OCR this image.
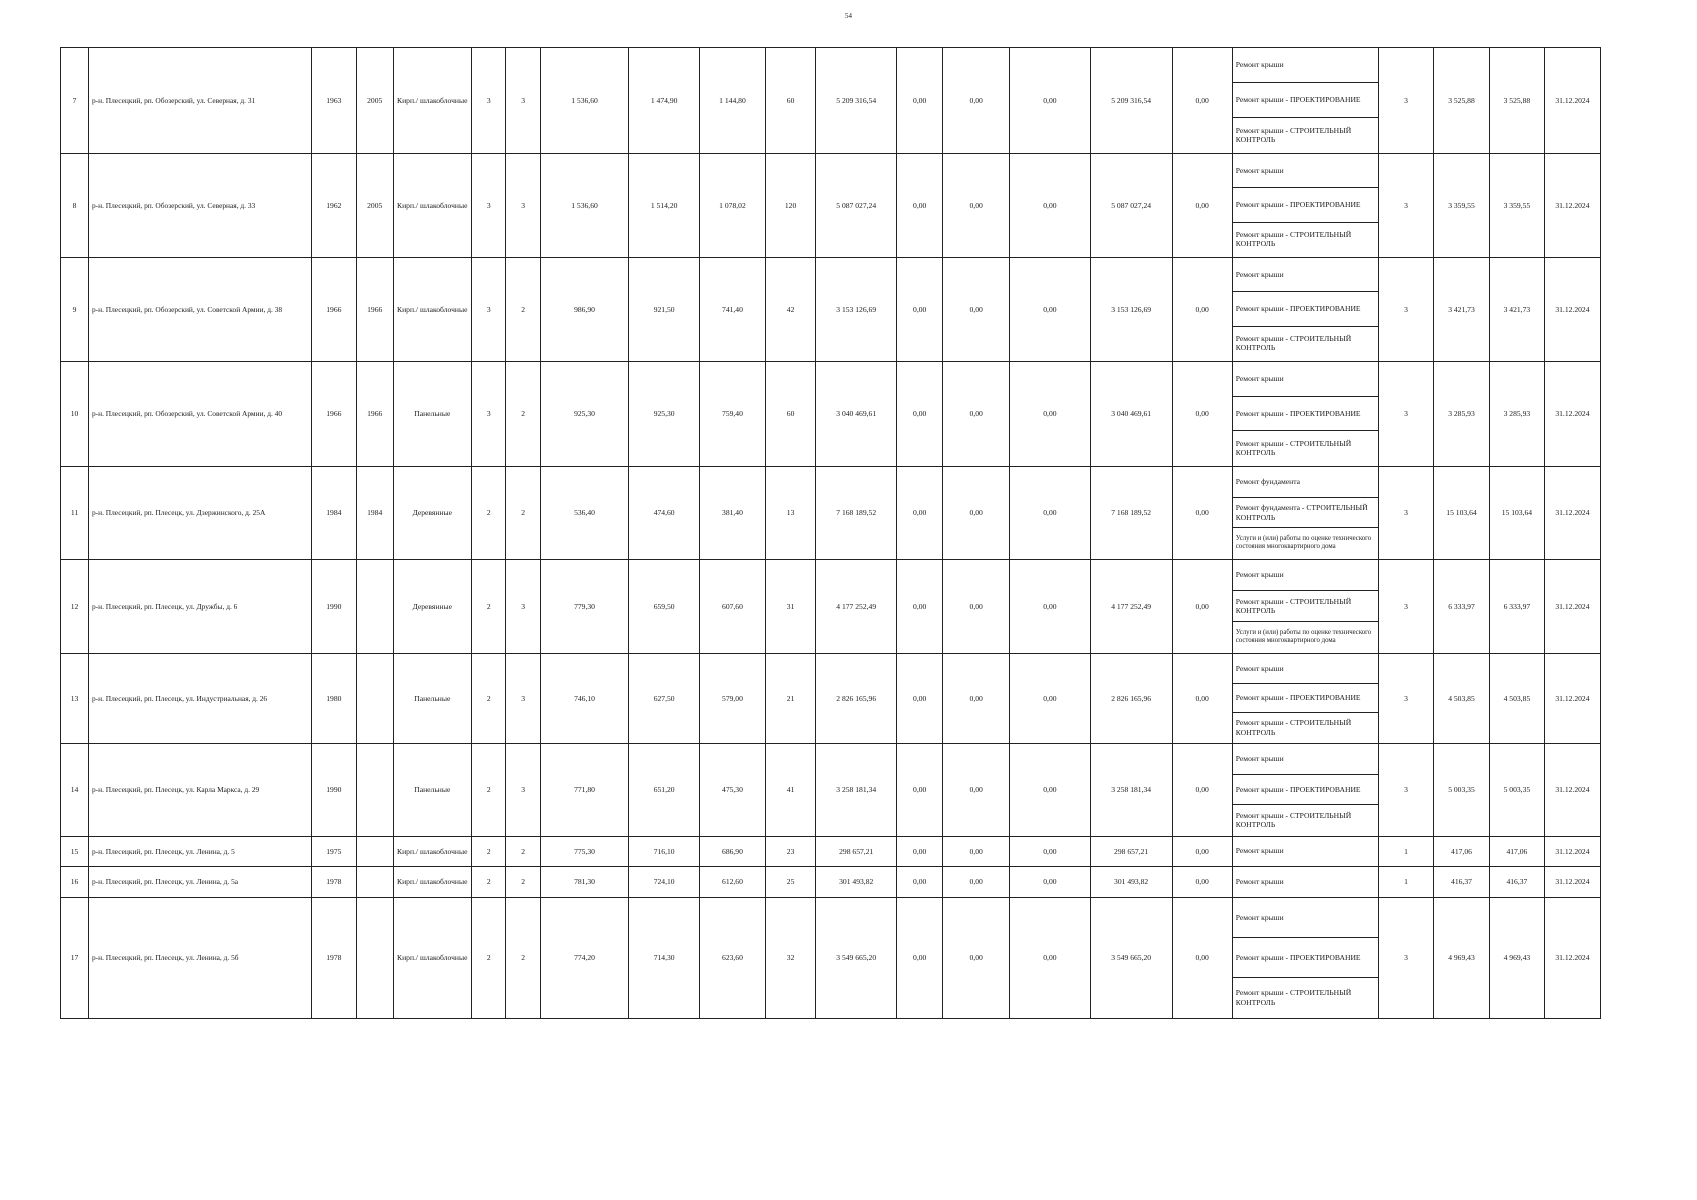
54
7	р-н. Плесецкий, рп. Обозерский, ул. Северная, д. 31	1963	2005	Кирп./ шлакоблочные	3	3	1 536,60	1 474,90	1 144,80	60	5 209 316,54	0,00	0,00	0,00	5 209 316,54	0,00	Ремонт крыши
Ремонт крыши - ПРОЕКТИРОВАНИЕ
Ремонт крыши - СТРОИТЕЛЬНЫЙ КОНТРОЛЬ	3	3 525,88	3 525,88	31.12.2024
8	р-н. Плесецкий, рп. Обозерский, ул. Северная, д. 33	1962	2005	Кирп./ шлакоблочные	3	3	1 536,60	1 514,20	1 078,02	120	5 087 027,24	0,00	0,00	0,00	5 087 027,24	0,00	Ремонт крыши
Ремонт крыши - ПРОЕКТИРОВАНИЕ
Ремонт крыши - СТРОИТЕЛЬНЫЙ КОНТРОЛЬ	3	3 359,55	3 359,55	31.12.2024
9	р-н. Плесецкий, рп. Обозерский, ул. Советской Армии, д. 38	1966	1966	Кирп./ шлакоблочные	3	2	986,90	921,50	741,40	42	3 153 126,69	0,00	0,00	0,00	3 153 126,69	0,00	Ремонт крыши
Ремонт крыши - ПРОЕКТИРОВАНИЕ
Ремонт крыши - СТРОИТЕЛЬНЫЙ КОНТРОЛЬ	3	3 421,73	3 421,73	31.12.2024
10	р-н. Плесецкий, рп. Обозерский, ул. Советской Армии, д. 40	1966	1966	Панельные	3	2	925,30	925,30	759,40	60	3 040 469,61	0,00	0,00	0,00	3 040 469,61	0,00	Ремонт крыши
Ремонт крыши - ПРОЕКТИРОВАНИЕ
Ремонт крыши - СТРОИТЕЛЬНЫЙ КОНТРОЛЬ	3	3 285,93	3 285,93	31.12.2024
11	р-н. Плесецкий, рп. Плесецк, ул. Дзержинского, д. 25А	1984	1984	Деревянные	2	2	536,40	474,60	381,40	13	7 168 189,52	0,00	0,00	0,00	7 168 189,52	0,00	Ремонт фундамента
Ремонт фундамента - СТРОИТЕЛЬНЫЙ КОНТРОЛЬ
Услуги и (или) работы по оценке технического состояния многоквартирного дома	3	15 103,64	15 103,64	31.12.2024
12	р-н. Плесецкий, рп. Плесецк, ул. Дружбы, д. 6	1990		Деревянные	2	3	779,30	659,50	607,60	31	4 177 252,49	0,00	0,00	0,00	4 177 252,49	0,00	Ремонт крыши
Ремонт крыши - СТРОИТЕЛЬНЫЙ КОНТРОЛЬ
Услуги и (или) работы по оценке технического состояния многоквартирного дома	3	6 333,97	6 333,97	31.12.2024
13	р-н. Плесецкий, рп. Плесецк, ул. Индустриальная, д. 26	1980		Панельные	2	3	746,10	627,50	579,00	21	2 826 165,96	0,00	0,00	0,00	2 826 165,96	0,00	Ремонт крыши
Ремонт крыши - ПРОЕКТИРОВАНИЕ
Ремонт крыши - СТРОИТЕЛЬНЫЙ КОНТРОЛЬ	3	4 503,85	4 503,85	31.12.2024
14	р-н. Плесецкий, рп. Плесецк, ул. Карла Маркса, д. 29	1990		Панельные	2	3	771,80	651,20	475,30	41	3 258 181,34	0,00	0,00	0,00	3 258 181,34	0,00	Ремонт крыши
Ремонт крыши - ПРОЕКТИРОВАНИЕ
Ремонт крыши - СТРОИТЕЛЬНЫЙ КОНТРОЛЬ	3	5 003,35	5 003,35	31.12.2024
15	р-н. Плесецкий, рп. Плесецк, ул. Ленина, д. 5	1975		Кирп./ шлакоблочные	2	2	775,30	716,10	686,90	23	298 657,21	0,00	0,00	0,00	298 657,21	0,00	Ремонт крыши	1	417,06	417,06	31.12.2024
16	р-н. Плесецкий, рп. Плесецк, ул. Ленина, д. 5а	1978		Кирп./ шлакоблочные	2	2	781,30	724,10	612,60	25	301 493,82	0,00	0,00	0,00	301 493,82	0,00	Ремонт крыши	1	416,37	416,37	31.12.2024
17	р-н. Плесецкий, рп. Плесецк, ул. Ленина, д. 5б	1978		Кирп./ шлакоблочные	2	2	774,20	714,30	623,60	32	3 549 665,20	0,00	0,00	0,00	3 549 665,20	0,00	Ремонт крыши
Ремонт крыши - ПРОЕКТИРОВАНИЕ
Ремонт крыши - СТРОИТЕЛЬНЫЙ КОНТРОЛЬ	3	4 969,43	4 969,43	31.12.2024
